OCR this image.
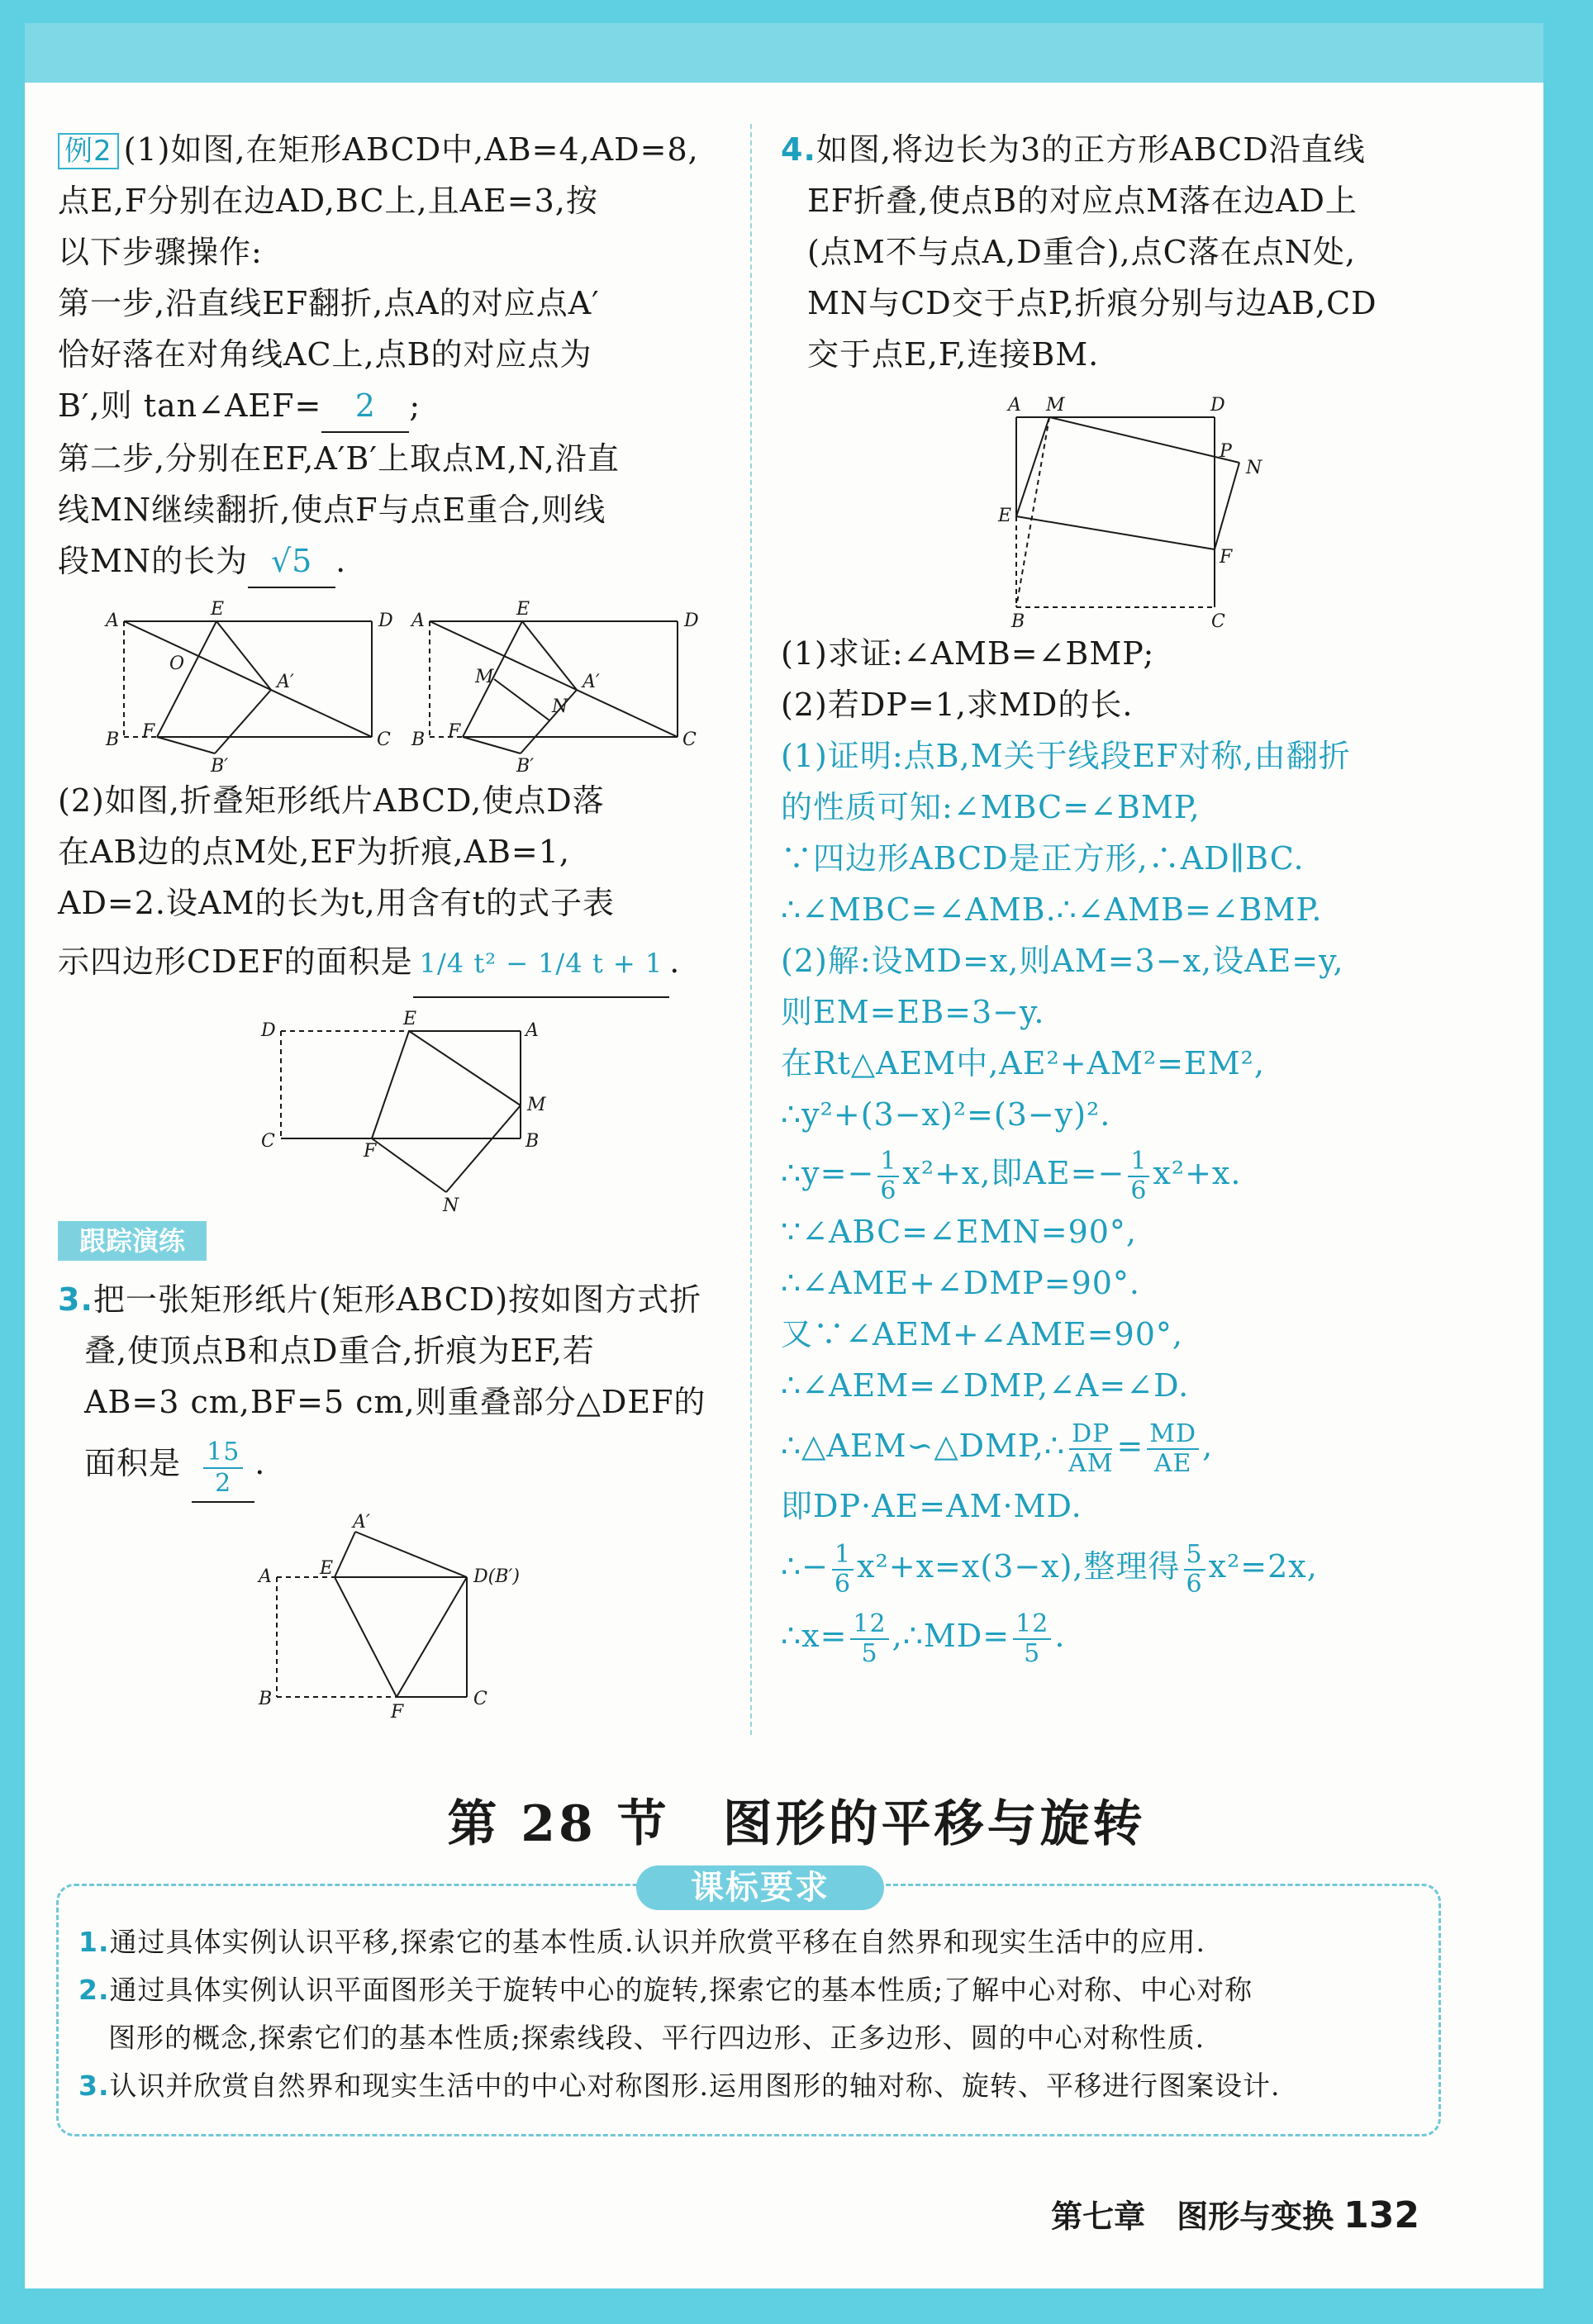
例2 (1)如图,在矩形ABCD中,AB=4,AD=8,

点E,F分别在边AD,BC上,且AE=3,按

以下步骤操作:

第一步,沿直线EF翻折,点A的对应点A′

恰好落在对角线AC上,点B的对应点为

B′,则 tan∠AEF= 2 ;

第二步,分别在EF,A′B′上取点M,N,沿直

线MN继续翻折,使点F与点E重合,则线

段MN的长为 √5 .

A
E
D
O
A′
B F	C
B′
A
E
D
M	A′
N
B F	C
B′

(2)如图,折叠矩形纸片ABCD,使点D落

在AB边的点M处,EF为折痕,AB=1,

AD=2.设AM的长为t,用含有t的式子表

示四边形CDEF的面积是 1/4 t² − 1/4 t + 1 .

D
E
A
M
C	F	B
N
跟踪演练

3.把一张矩形纸片(矩形ABCD)按如图方式折

叠,使顶点B和点D重合,折痕为EF,若

AB=3 cm,BF=5 cm,则重叠部分△DEF的

面积是 $\frac{15}{2}$ .

A′
A	E	D(B′)
B
F
C

4.如图,将边长为3的正方形ABCD沿直线

EF折叠,使点B的对应点M落在边AD上

(点M不与点A,D重合),点C落在点N处,

MN与CD交于点P,折痕分别与边AB,CD

交于点E,F,连接BM.

A M	D
P
N
E
F
B	C

(1)求证:∠AMB=∠BMP;

(2)若DP=1,求MD的长.

(1)证明:点B,M关于线段EF对称,由翻折

的性质可知:∠MBC=∠BMP,

∵四边形ABCD是正方形,∴AD∥BC.

∴∠MBC=∠AMB.∴∠AMB=∠BMP.

(2)解:设MD=x,则AM=3−x,设AE=y,

则EM=EB=3−y.

在Rt△AEM中,AE²+AM²=EM²,

∴y²+(3−x)²=(3−y)².

∴y=− $\frac{1}{6} x^2+x$,即$AE=- \frac{1}{6} x^2+x$.

∵∠ABC=∠EMN=90°,

∴∠AME+∠DMP=90°.

又∵∠AEM+∠AME=90°,

∴∠AEM=∠DMP,∠A=∠D.

∴△AEM∽△DMP,∴ $\frac{DP}{AM} = \frac{MD}{AE}$ ,

即DP·AE=AM·MD.

∴− $\frac{1}{6} x^2+x=x(3-x)$,整理得 $\frac{5}{6} x^2=2x$,

∴x= $\frac{12}{5}$ ,∴MD= $\frac{12}{5}$ .

第 28 节　图形的平移与旋转
课标要求

1.通过具体实例认识平移,探索它的基本性质.认识并欣赏平移在自然界和现实生活中的应用.

2.通过具体实例认识平面图形关于旋转中心的旋转,探索它的基本性质;了解中心对称、中心对称

图形的概念,探索它们的基本性质;探索线段、平行四边形、正多边形、圆的中心对称性质.

3.认识并欣赏自然界和现实生活中的中心对称图形.运用图形的轴对称、旋转、平移进行图案设计.

第七章　图形与变换 132
